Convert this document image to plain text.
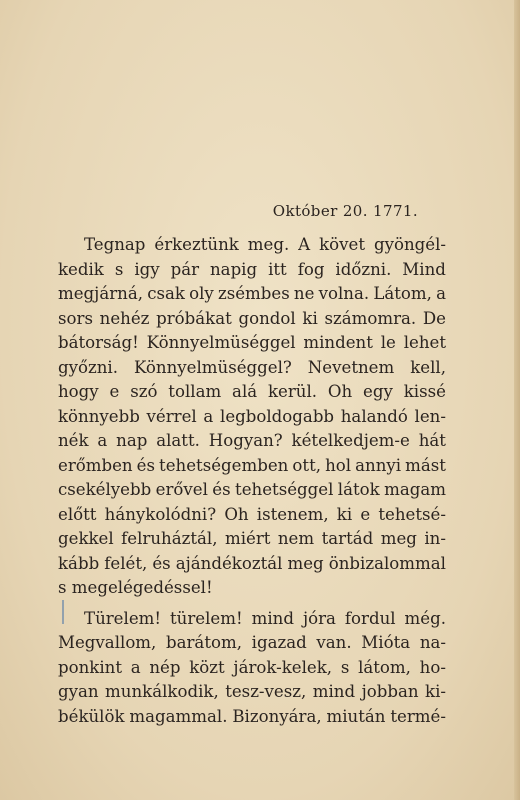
Október 20. 1771.
Tegnap érkeztünk meg. A követ gyöngél-
kedik s igy pár napig itt fog időzni. Mind
megjárná, csak oly zsémbes ne volna. Látom, a
sors nehéz próbákat gondol ki számomra. De
bátorság! Könnyelmüséggel mindent le lehet
győzni. Könnyelmüséggel? Nevetnem kell,
hogy e szó tollam alá kerül. Oh egy kissé
könnyebb vérrel a legboldogabb halandó len-
nék a nap alatt. Hogyan? kételkedjem-e hát
erőmben és tehetségemben ott, hol annyi mást
csekélyebb erővel és tehetséggel látok magam
előtt hánykolódni? Oh istenem, ki e tehetsé-
gekkel felruháztál, miért nem tartád meg in-
kább felét, és ajándékoztál meg önbizalommal
s megelégedéssel!
Türelem! türelem! mind jóra fordul még.
Megvallom, barátom, igazad van. Mióta na-
ponkint a nép közt járok-kelek, s látom, ho-
gyan munkálkodik, tesz-vesz, mind jobban ki-
békülök magammal. Bizonyára, miután termé-
